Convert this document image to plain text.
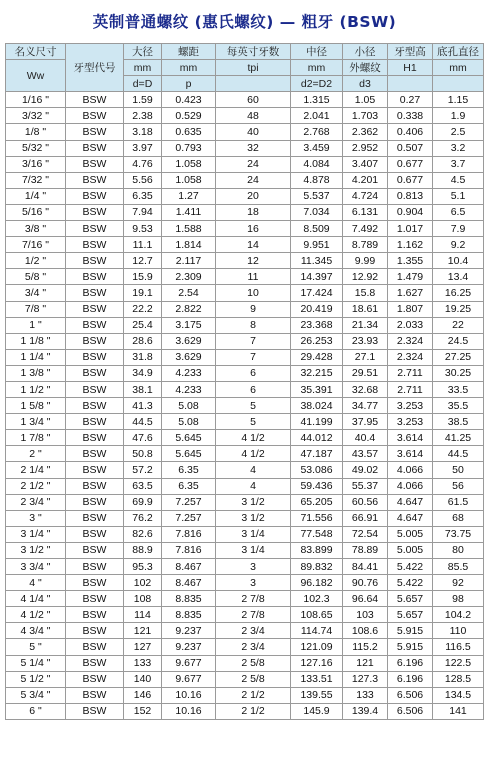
英制普通螺纹 (惠氏螺纹) — 粗牙 (BSW)
名义尺寸	牙型代号	大径	螺距	每英寸牙数	中径	小径	牙型高	底孔直径
Ww		mm	mm	tpi	mm	外螺纹	H1	mm
		d=D	p		d2=D2	d3		
1/16 "	BSW	1.59	0.423	60	1.315	1.05	0.27	1.15
3/32 "	BSW	2.38	0.529	48	2.041	1.703	0.338	1.9
1/8 "	BSW	3.18	0.635	40	2.768	2.362	0.406	2.5
5/32 "	BSW	3.97	0.793	32	3.459	2.952	0.507	3.2
3/16 "	BSW	4.76	1.058	24	4.084	3.407	0.677	3.7
7/32 "	BSW	5.56	1.058	24	4.878	4.201	0.677	4.5
1/4 "	BSW	6.35	1.27	20	5.537	4.724	0.813	5.1
5/16 "	BSW	7.94	1.411	18	7.034	6.131	0.904	6.5
3/8 "	BSW	9.53	1.588	16	8.509	7.492	1.017	7.9
7/16 "	BSW	11.1	1.814	14	9.951	8.789	1.162	9.2
1/2 "	BSW	12.7	2.117	12	11.345	9.99	1.355	10.4
5/8 "	BSW	15.9	2.309	11	14.397	12.92	1.479	13.4
3/4 "	BSW	19.1	2.54	10	17.424	15.8	1.627	16.25
7/8 "	BSW	22.2	2.822	9	20.419	18.61	1.807	19.25
1 "	BSW	25.4	3.175	8	23.368	21.34	2.033	22
1 1/8 "	BSW	28.6	3.629	7	26.253	23.93	2.324	24.5
1 1/4 "	BSW	31.8	3.629	7	29.428	27.1	2.324	27.25
1 3/8 "	BSW	34.9	4.233	6	32.215	29.51	2.711	30.25
1 1/2 "	BSW	38.1	4.233	6	35.391	32.68	2.711	33.5
1 5/8 "	BSW	41.3	5.08	5	38.024	34.77	3.253	35.5
1 3/4 "	BSW	44.5	5.08	5	41.199	37.95	3.253	38.5
1 7/8 "	BSW	47.6	5.645	4 1/2	44.012	40.4	3.614	41.25
2 "	BSW	50.8	5.645	4 1/2	47.187	43.57	3.614	44.5
2 1/4 "	BSW	57.2	6.35	4	53.086	49.02	4.066	50
2 1/2 "	BSW	63.5	6.35	4	59.436	55.37	4.066	56
2 3/4 "	BSW	69.9	7.257	3 1/2	65.205	60.56	4.647	61.5
3 "	BSW	76.2	7.257	3 1/2	71.556	66.91	4.647	68
3 1/4 "	BSW	82.6	7.816	3 1/4	77.548	72.54	5.005	73.75
3 1/2 "	BSW	88.9	7.816	3 1/4	83.899	78.89	5.005	80
3 3/4 "	BSW	95.3	8.467	3	89.832	84.41	5.422	85.5
4 "	BSW	102	8.467	3	96.182	90.76	5.422	92
4 1/4 "	BSW	108	8.835	2 7/8	102.3	96.64	5.657	98
4 1/2 "	BSW	114	8.835	2 7/8	108.65	103	5.657	104.2
4 3/4 "	BSW	121	9.237	2 3/4	114.74	108.6	5.915	110
5 "	BSW	127	9.237	2 3/4	121.09	115.2	5.915	116.5
5 1/4 "	BSW	133	9.677	2 5/8	127.16	121	6.196	122.5
5 1/2 "	BSW	140	9.677	2 5/8	133.51	127.3	6.196	128.5
5 3/4 "	BSW	146	10.16	2 1/2	139.55	133	6.506	134.5
6 "	BSW	152	10.16	2 1/2	145.9	139.4	6.506	141
